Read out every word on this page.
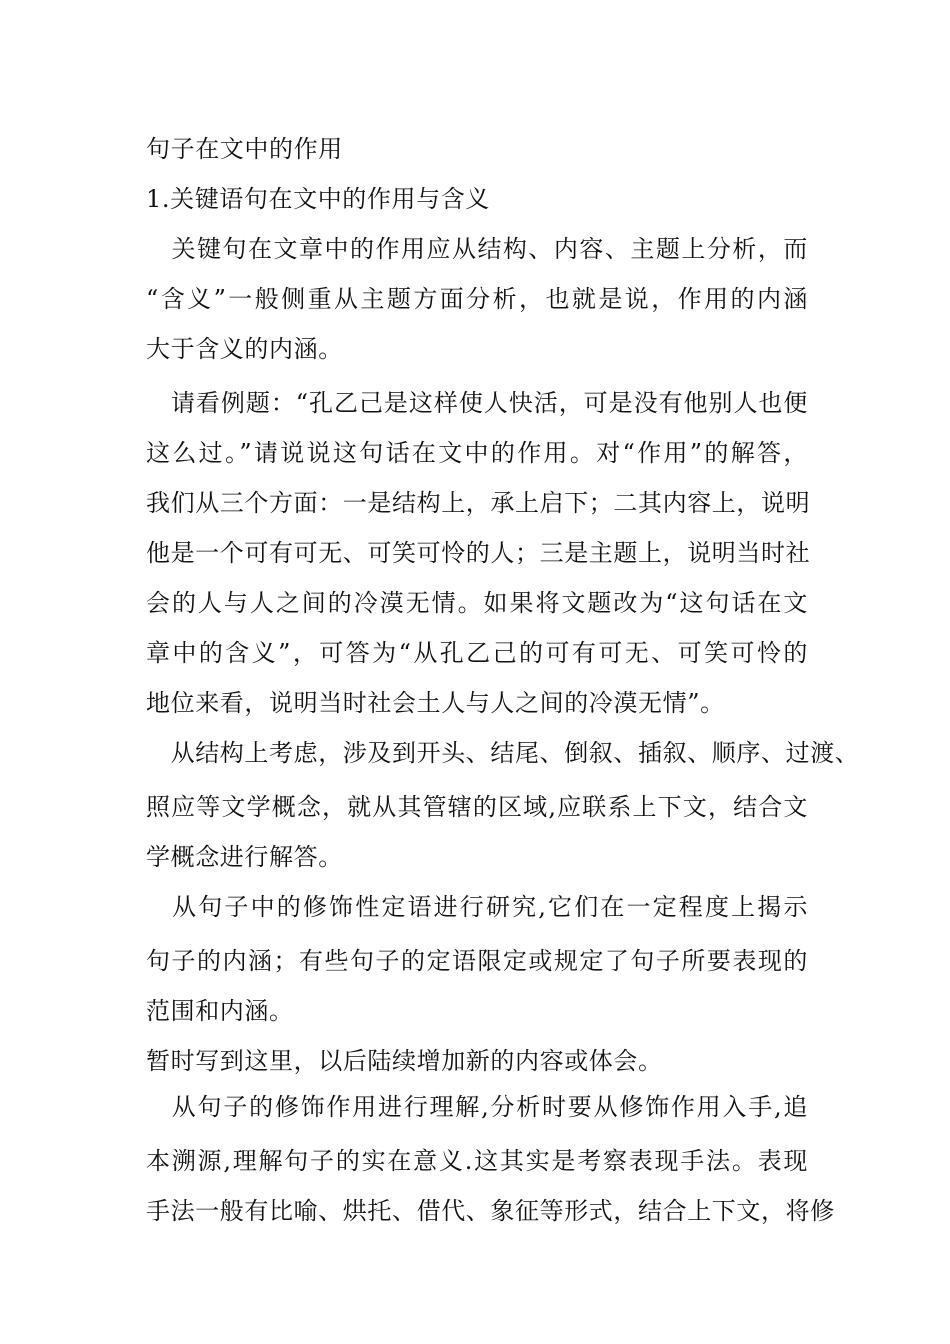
句子在文中的作用
1.关键语句在文中的作用与含义
　关键句在文章中的作用应从结构、内容、主题上分析，而
“含义”一般侧重从主题方面分析，也就是说，作用的内涵
大于含义的内涵。
　请看例题：“孔乙己是这样使人快活，可是没有他别人也便
这么过。”请说说这句话在文中的作用。对“作用”的解答，
我们从三个方面：一是结构上，承上启下；二其内容上，说明
他是一个可有可无、可笑可怜的人；三是主题上，说明当时社
会的人与人之间的冷漠无情。如果将文题改为“这句话在文
章中的含义”，可答为“从孔乙己的可有可无、可笑可怜的
地位来看，说明当时社会土人与人之间的冷漠无情”。
　从结构上考虑，涉及到开头、结尾、倒叙、插叙、顺序、过渡、
照应等文学概念，就从其管辖的区域,应联系上下文，结合文
学概念进行解答。
　从句子中的修饰性定语进行研究,它们在一定程度上揭示
句子的内涵；有些句子的定语限定或规定了句子所要表现的
范围和内涵。
暂时写到这里，以后陆续增加新的内容或体会。
　从句子的修饰作用进行理解,分析时要从修饰作用入手,追
本溯源,理解句子的实在意义.这其实是考察表现手法。表现
手法一般有比喻、烘托、借代、象征等形式，结合上下文，将修
